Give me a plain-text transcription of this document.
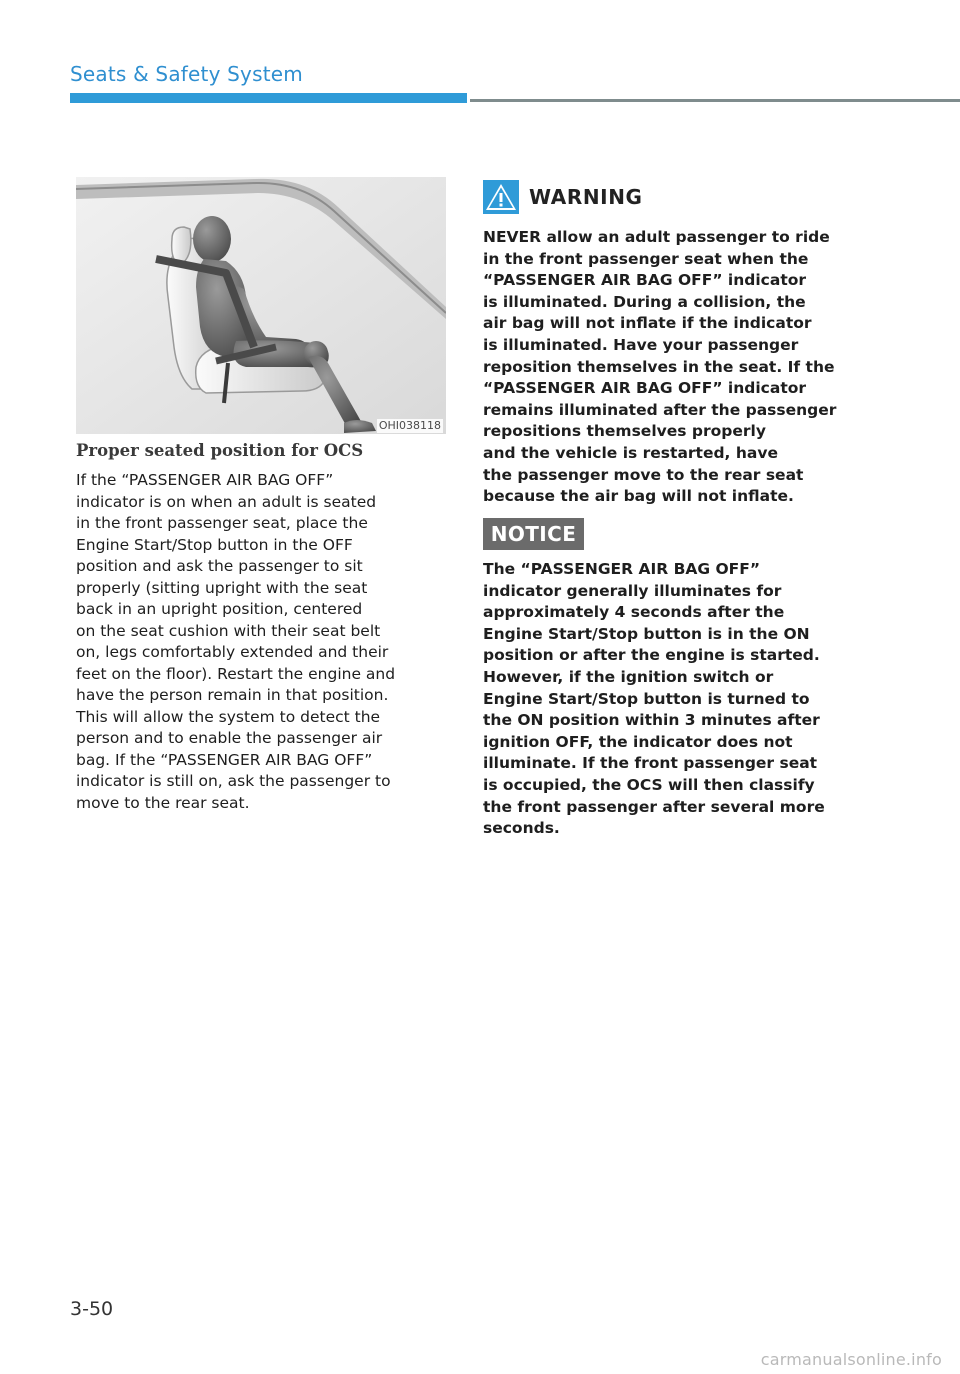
Seats & Safety System
OHI038118
Proper seated position for OCS
If the “PASSENGER AIR BAG OFF”
indicator is on when an adult is seated
in the front passenger seat, place the
Engine Start/Stop button in the OFF
position and ask the passenger to sit
properly (sitting upright with the seat
back in an upright position, centered
on the seat cushion with their seat belt
on, legs comfortably extended and their
feet on the floor). Restart the engine and
have the person remain in that position.
This will allow the system to detect the
person and to enable the passenger air
bag. If the “PASSENGER AIR BAG OFF”
indicator is still on, ask the passenger to
move to the rear seat.
WARNING
NEVER allow an adult passenger to ride
in the front passenger seat when the
“PASSENGER AIR BAG OFF” indicator
is illuminated. During a collision, the
air bag will not inflate if the indicator
is illuminated. Have your passenger
reposition themselves in the seat. If the
“PASSENGER AIR BAG OFF” indicator
remains illuminated after the passenger
repositions themselves properly
and the vehicle is restarted, have
the passenger move to the rear seat
because the air bag will not inflate.
NOTICE
The “PASSENGER AIR BAG OFF”
indicator generally illuminates for
approximately 4 seconds after the
Engine Start/Stop button is in the ON
position or after the engine is started.
However, if the ignition switch or
Engine Start/Stop button is turned to
the ON position within 3 minutes after
ignition OFF, the indicator does not
illuminate. If the front passenger seat
is occupied, the OCS will then classify
the front passenger after several more
seconds.
3-50
carmanualsonline.info
